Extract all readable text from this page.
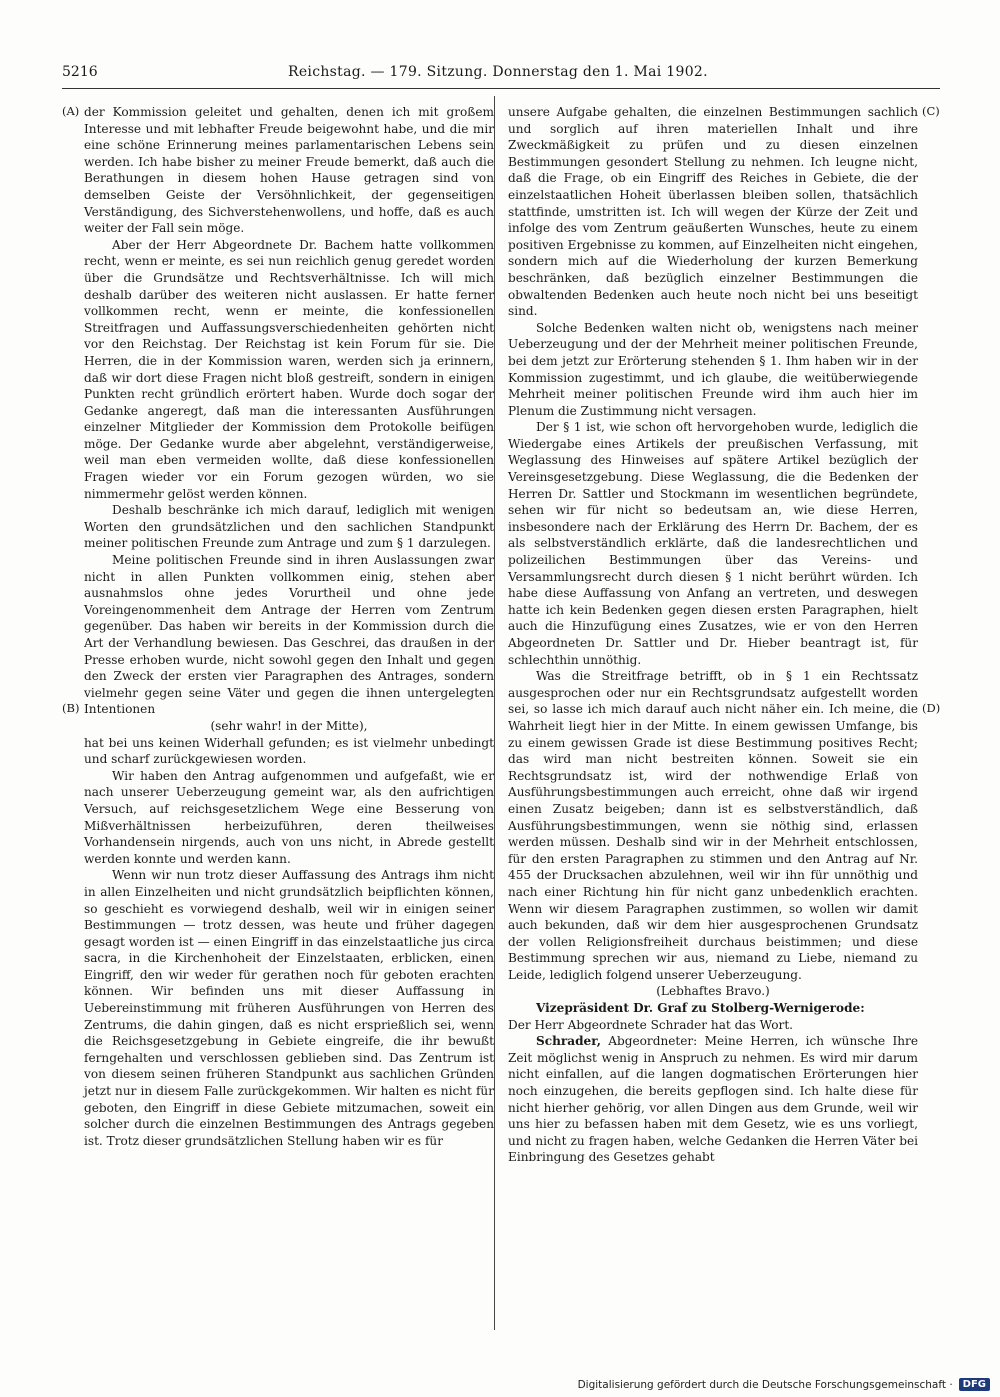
5216	Reichstag. — 179. Sitzung. Donnerstag den 1. Mai 1902.
(A)
(B)
(C)
(D)

der Kommission geleitet und gehalten, denen ich mit großem Interesse und mit lebhafter Freude beigewohnt habe, und die mir eine schöne Erinnerung meines parlamentarischen Lebens sein werden. Ich habe bisher zu meiner Freude bemerkt, daß auch die Berathungen in diesem hohen Hause getragen sind von demselben Geiste der Versöhnlichkeit, der gegenseitigen Verständigung, des Sichverstehenwollens, und hoffe, daß es auch weiter der Fall sein möge.

Aber der Herr Abgeordnete Dr. Bachem hatte vollkommen recht, wenn er meinte, es sei nun reichlich genug geredet worden über die Grundsätze und Rechtsverhältnisse. Ich will mich deshalb darüber des weiteren nicht auslassen. Er hatte ferner vollkommen recht, wenn er meinte, die konfessionellen Streitfragen und Auffassungsverschiedenheiten gehörten nicht vor den Reichstag. Der Reichstag ist kein Forum für sie. Die Herren, die in der Kommission waren, werden sich ja erinnern, daß wir dort diese Fragen nicht bloß gestreift, sondern in einigen Punkten recht gründlich erörtert haben. Wurde doch sogar der Gedanke angeregt, daß man die interessanten Ausführungen einzelner Mitglieder der Kommission dem Protokolle beifügen möge. Der Gedanke wurde aber abgelehnt, verständigerweise, weil man eben vermeiden wollte, daß diese konfessionellen Fragen wieder vor ein Forum gezogen würden, wo sie nimmermehr gelöst werden können.

Deshalb beschränke ich mich darauf, lediglich mit wenigen Worten den grundsätzlichen und den sachlichen Standpunkt meiner politischen Freunde zum Antrage und zum § 1 darzulegen.

Meine politischen Freunde sind in ihren Auslassungen zwar nicht in allen Punkten vollkommen einig, stehen aber ausnahmslos ohne jedes Vorurtheil und ohne jede Voreingenommenheit dem Antrage der Herren vom Zentrum gegenüber. Das haben wir bereits in der Kommission durch die Art der Verhandlung bewiesen. Das Geschrei, das draußen in der Presse erhoben wurde, nicht sowohl gegen den Inhalt und gegen den Zweck der ersten vier Paragraphen des Antrages, sondern vielmehr gegen seine Väter und gegen die ihnen untergelegten Intentionen

(sehr wahr! in der Mitte),

hat bei uns keinen Widerhall gefunden; es ist vielmehr unbedingt und scharf zurückgewiesen worden.

Wir haben den Antrag aufgenommen und aufgefaßt, wie er nach unserer Ueberzeugung gemeint war, als den aufrichtigen Versuch, auf reichsgesetzlichem Wege eine Besserung von Mißverhältnissen herbeizuführen, deren theilweises Vorhandensein nirgends, auch von uns nicht, in Abrede gestellt werden konnte und werden kann.

Wenn wir nun trotz dieser Auffassung des Antrags ihm nicht in allen Einzelheiten und nicht grundsätzlich beipflichten können, so geschieht es vorwiegend deshalb, weil wir in einigen seiner Bestimmungen — trotz dessen, was heute und früher dagegen gesagt worden ist — einen Eingriff in das einzelstaatliche jus circa sacra, in die Kirchenhoheit der Einzelstaaten, erblicken, einen Eingriff, den wir weder für gerathen noch für geboten erachten können. Wir befinden uns mit dieser Auffassung in Uebereinstimmung mit früheren Ausführungen von Herren des Zentrums, die dahin gingen, daß es nicht ersprießlich sei, wenn die Reichsgesetzgebung in Gebiete eingreife, die ihr bewußt ferngehalten und verschlossen geblieben sind. Das Zentrum ist von diesem seinen früheren Standpunkt aus sachlichen Gründen jetzt nur in diesem Falle zurückgekommen. Wir halten es nicht für geboten, den Eingriff in diese Gebiete mitzumachen, soweit ein solcher durch die einzelnen Bestimmungen des Antrags gegeben ist. Trotz dieser grundsätzlichen Stellung haben wir es für

unsere Aufgabe gehalten, die einzelnen Bestimmungen sachlich und sorglich auf ihren materiellen Inhalt und ihre Zweckmäßigkeit zu prüfen und zu diesen einzelnen Bestimmungen gesondert Stellung zu nehmen. Ich leugne nicht, daß die Frage, ob ein Eingriff des Reiches in Gebiete, die der einzelstaatlichen Hoheit überlassen bleiben sollen, thatsächlich stattfinde, umstritten ist. Ich will wegen der Kürze der Zeit und infolge des vom Zentrum geäußerten Wunsches, heute zu einem positiven Ergebnisse zu kommen, auf Einzelheiten nicht eingehen, sondern mich auf die Wiederholung der kurzen Bemerkung beschränken, daß bezüglich einzelner Bestimmungen die obwaltenden Bedenken auch heute noch nicht bei uns beseitigt sind.

Solche Bedenken walten nicht ob, wenigstens nach meiner Ueberzeugung und der der Mehrheit meiner politischen Freunde, bei dem jetzt zur Erörterung stehenden § 1. Ihm haben wir in der Kommission zugestimmt, und ich glaube, die weitüberwiegende Mehrheit meiner politischen Freunde wird ihm auch hier im Plenum die Zustimmung nicht versagen.

Der § 1 ist, wie schon oft hervorgehoben wurde, lediglich die Wiedergabe eines Artikels der preußischen Verfassung, mit Weglassung des Hinweises auf spätere Artikel bezüglich der Vereinsgesetzgebung. Diese Weglassung, die die Bedenken der Herren Dr. Sattler und Stockmann im wesentlichen begründete, sehen wir für nicht so bedeutsam an, wie diese Herren, insbesondere nach der Erklärung des Herrn Dr. Bachem, der es als selbstverständlich erklärte, daß die landesrechtlichen und polizeilichen Bestimmungen über das Vereins- und Versammlungsrecht durch diesen § 1 nicht berührt würden. Ich habe diese Auffassung von Anfang an vertreten, und deswegen hatte ich kein Bedenken gegen diesen ersten Paragraphen, hielt auch die Hinzufügung eines Zusatzes, wie er von den Herren Abgeordneten Dr. Sattler und Dr. Hieber beantragt ist, für schlechthin unnöthig.

Was die Streitfrage betrifft, ob in § 1 ein Rechtssatz ausgesprochen oder nur ein Rechtsgrundsatz aufgestellt worden sei, so lasse ich mich darauf auch nicht näher ein. Ich meine, die Wahrheit liegt hier in der Mitte. In einem gewissen Umfange, bis zu einem gewissen Grade ist diese Bestimmung positives Recht; das wird man nicht bestreiten können. Soweit sie ein Rechtsgrundsatz ist, wird der nothwendige Erlaß von Ausführungsbestimmungen auch erreicht, ohne daß wir irgend einen Zusatz beigeben; dann ist es selbstverständlich, daß Ausführungsbestimmungen, wenn sie nöthig sind, erlassen werden müssen. Deshalb sind wir in der Mehrheit entschlossen, für den ersten Paragraphen zu stimmen und den Antrag auf Nr. 455 der Drucksachen abzulehnen, weil wir ihn für unnöthig und nach einer Richtung hin für nicht ganz unbedenklich erachten. Wenn wir diesem Paragraphen zustimmen, so wollen wir damit auch bekunden, daß wir dem hier ausgesprochenen Grundsatz der vollen Religionsfreiheit durchaus beistimmen; und diese Bestimmung sprechen wir aus, niemand zu Liebe, niemand zu Leide, lediglich folgend unserer Ueberzeugung.

(Lebhaftes Bravo.)

Vizepräsident Dr. Graf zu Stolberg-Wernigerode:

Der Herr Abgeordnete Schrader hat das Wort.

Schrader, Abgeordneter: Meine Herren, ich wünsche Ihre Zeit möglichst wenig in Anspruch zu nehmen. Es wird mir darum nicht einfallen, auf die langen dogmatischen Erörterungen hier noch einzugehen, die bereits gepflogen sind. Ich halte diese für nicht hierher gehörig, vor allen Dingen aus dem Grunde, weil wir uns hier zu befassen haben mit dem Gesetz, wie es uns vorliegt, und nicht zu fragen haben, welche Gedanken die Herren Väter bei Einbringung des Gesetzes gehabt

Digitalisierung gefördert durch die Deutsche Forschungsgemeinschaft ·	DFG
